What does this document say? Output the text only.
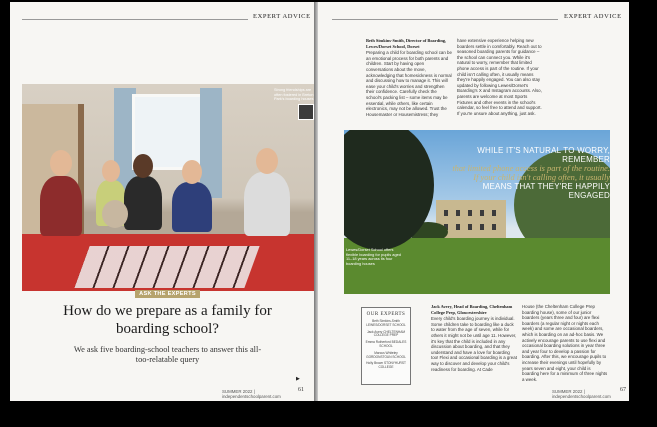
EXPERT ADVICE
Strong friendships are often fostered in Breton Park's boarding houses
ASK THE EXPERTS
How do we prepare as a family for boarding school?
We ask five boarding-school teachers to answer this all-too-relatable query
▶
SUMMER 2022 | independentschoolparent.com
61
EXPERT ADVICE
Beth Simkins-Smith, Director of Boarding, Lewes/Dorset School, Dorset
Preparing a child for boarding school can be an emotional process for both parents and children. Start by having open conversations about the move, acknowledging that homesickness is normal and discussing how to manage it. This will ease your child's worries and strengthen their confidence. Carefully check the school's packing list – some items may be essential, while others, like certain electronics, may not be allowed. Trust the Housemaster or Housemistress; they
have extensive experience helping new boarders settle in comfortably. Reach out to seasoned boarding parents for guidance – the school can connect you. While it's natural to worry, remember that limited phone access is part of the routine. If your child isn't calling often, it usually means they're happily engaged. You can also stay updated by following Lewes/Dorset's Boarding's X and Instagram accounts. Also, parents are welcome at most Sports Fixtures and other events in the school's calendar, so feel free to attend and support. If you're unsure about anything, just ask.
WHILE IT'S NATURAL TO WORRY, REMEMBER
that limited phone access is part of the routine.
If your child isn't calling often, it usually
MEANS THAT THEY'RE HAPPILY ENGAGED
Lewes/Dorset School offers flexible boarding for pupils aged 11–18 years across its four boarding houses
OUR EXPERTS
Beth Simkins-Smith LEWES/DORSET SCHOOL
Jack Avery CHELTENHAM COLLEGE PREP
Emma Rutherford BEDALES SCHOOL
Marcus Whiteley GORDONSTOUN SCHOOL
Holly Brown STONYHURST COLLEGE
Jack Avery, Head of Boarding, Cheltenham College Prep, Gloucestershire
Every child's boarding journey is individual. Some children take to boarding like a duck to water from the age of seven, while for others it might not be until age 11. However, it's key that the child is included in any discussion about boarding, and that they understand and have a love for boarding too! Flexi and occasional boarding is a great way to discover and develop your child's readiness for boarding. At Cade
House (the Cheltenham College Prep boarding house), some of our junior boarders (years three and four) are flexi boarders (a regular night or nights each week) and some are occasional boarders, which is boarding on an ad-hoc basis. We actively encourage parents to use flexi and occasional boarding solutions in year three and year four to develop a passion for boarding. After this, we encourage pupils to increase their evenings until hopefully by years seven and eight, your child is boarding here for a minimum of three nights a week.
SUMMER 2022 | independentschoolparent.com
67
